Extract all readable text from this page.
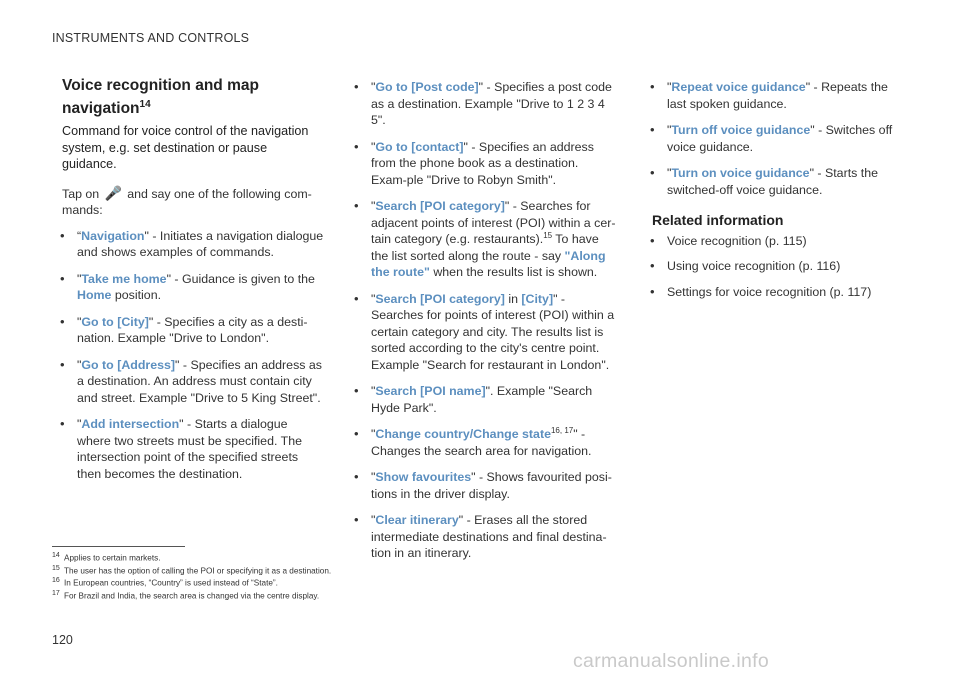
INSTRUMENTS AND CONTROLS
Voice recognition and map navigation$^{14}$
Command for voice control of the navigation system, e.g. set destination or pause guidance.
Tap on 🎤 and say one of the following com-mands:
• “Navigation" - Initiates a navigation dialogue and shows examples of commands.
• "Take me home" - Guidance is given to the Home position.
• "Go to [City]" - Specifies a city as a desti-nation. Example "Drive to London".
• "Go to [Address]" - Specifies an address as a destination. An address must contain city and street. Example "Drive to 5 King Street".
• "Add intersection" - Starts a dialogue where two streets must be specified. The intersection point of the specified streets then becomes the destination.
• "Go to [Post code]" - Specifies a post code as a destination. Example "Drive to 1 2 3 4 5".
• "Go to [contact]" - Specifies an address from the phone book as a destination. Exam-ple "Drive to Robyn Smith".
• "Search [POI category]" - Searches for adjacent points of interest (POI) within a cer-tain category (e.g. restaurants).$^{15}$ To have the list sorted along the route - say "Along the route" when the results list is shown.
• "Search [POI category] in [City]" - Searches for points of interest (POI) within a certain category and city. The results list is sorted according to the city's centre point. Example "Search for restaurant in London".
• "Search [POI name]". Example "Search Hyde Park".
• "Change country/Change state$^{16, 17}$" - Changes the search area for navigation.
• "Show favourites" - Shows favourited posi-tions in the driver display.
• "Clear itinerary" - Erases all the stored intermediate destinations and final destina-tion in an itinerary.
• "Repeat voice guidance" - Repeats the last spoken guidance.
• "Turn off voice guidance" - Switches off voice guidance.
• "Turn on voice guidance" - Starts the switched-off voice guidance.
Related information
• Voice recognition (p. 115)
• Using voice recognition (p. 116)
• Settings for voice recognition (p. 117)
$^{14}$ Applies to certain markets.
$^{15}$ The user has the option of calling the POI or specifying it as a destination.
$^{16}$ In European countries, “Country” is used instead of “State”.
$^{17}$ For Brazil and India, the search area is changed via the centre display.
120
carmanualsonline.info
